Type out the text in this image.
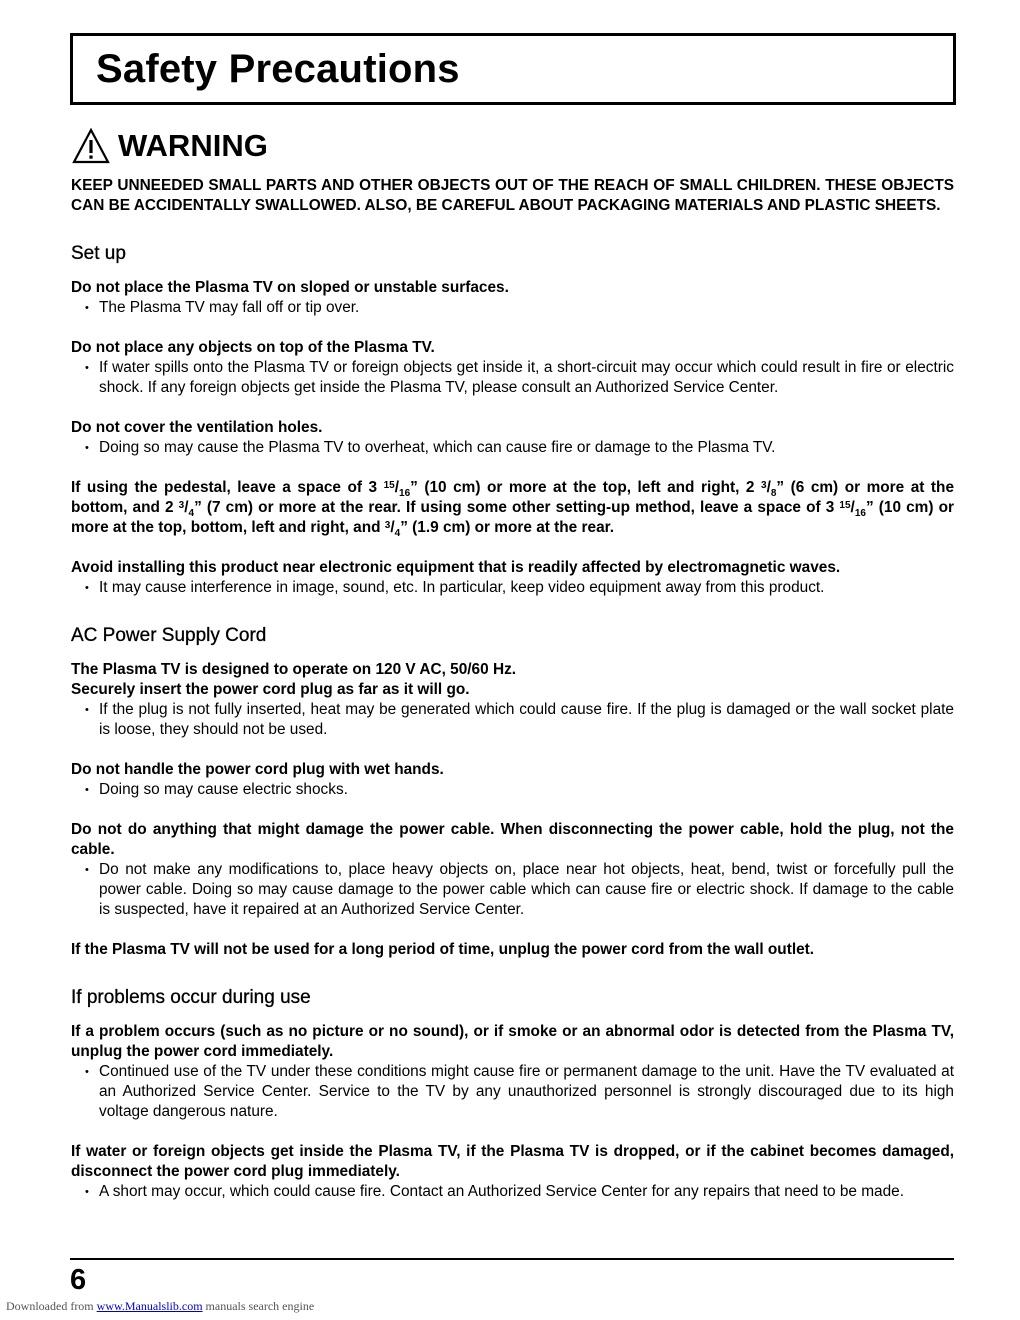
Safety Precautions
WARNING

KEEP UNNEEDED SMALL PARTS AND OTHER OBJECTS OUT OF THE REACH OF SMALL CHILDREN. THESE OBJECTS CAN BE ACCIDENTALLY SWALLOWED. ALSO, BE CAREFUL ABOUT PACKAGING MATERIALS AND PLASTIC SHEETS.

Set up

Do not place the Plasma TV on sloped or unstable surfaces.

• The Plasma TV may fall off or tip over.

Do not place any objects on top of the Plasma TV.

• If water spills onto the Plasma TV or foreign objects get inside it, a short-circuit may occur which could result in fire or electric shock. If any foreign objects get inside the Plasma TV, please consult an Authorized Service Center.

Do not cover the ventilation holes.

• Doing so may cause the Plasma TV to overheat, which can cause fire or damage to the Plasma TV.

If using the pedestal, leave a space of 3 $^{15}/_{16}$” (10 cm) or more at the top, left and right, 2 $^3/_8$” (6 cm) or more at the bottom, and 2 $^3/_4$” (7 cm) or more at the rear. If using some other setting-up method, leave a space of 3 $^{15}/_{16}$” (10 cm) or more at the top, bottom, left and right, and $^3/_4$” (1.9 cm) or more at the rear.

Avoid installing this product near electronic equipment that is readily affected by electromagnetic waves.

• It may cause interference in image, sound, etc. In particular, keep video equipment away from this product.

AC Power Supply Cord

The Plasma TV is designed to operate on 120 V AC, 50/60 Hz.

Securely insert the power cord plug as far as it will go.

• If the plug is not fully inserted, heat may be generated which could cause fire. If the plug is damaged or the wall socket plate is loose, they should not be used.

Do not handle the power cord plug with wet hands.

• Doing so may cause electric shocks.

Do not do anything that might damage the power cable. When disconnecting the power cable, hold the plug, not the cable.

• Do not make any modifications to, place heavy objects on, place near hot objects, heat, bend, twist or forcefully pull the power cable. Doing so may cause damage to the power cable which can cause fire or electric shock. If damage to the cable is suspected, have it repaired at an Authorized Service Center.

If the Plasma TV will not be used for a long period of time, unplug the power cord from the wall outlet.

If problems occur during use

If a problem occurs (such as no picture or no sound), or if smoke or an abnormal odor is detected from the Plasma TV, unplug the power cord immediately.

• Continued use of the TV under these conditions might cause fire or permanent damage to the unit. Have the TV evaluated at an Authorized Service Center. Service to the TV by any unauthorized personnel is strongly discouraged due to its high voltage dangerous nature.

If water or foreign objects get inside the Plasma TV, if the Plasma TV is dropped, or if the cabinet becomes damaged, disconnect the power cord plug immediately.

• A short may occur, which could cause fire. Contact an Authorized Service Center for any repairs that need to be made.

6
Downloaded from www.Manualslib.com manuals search engine
